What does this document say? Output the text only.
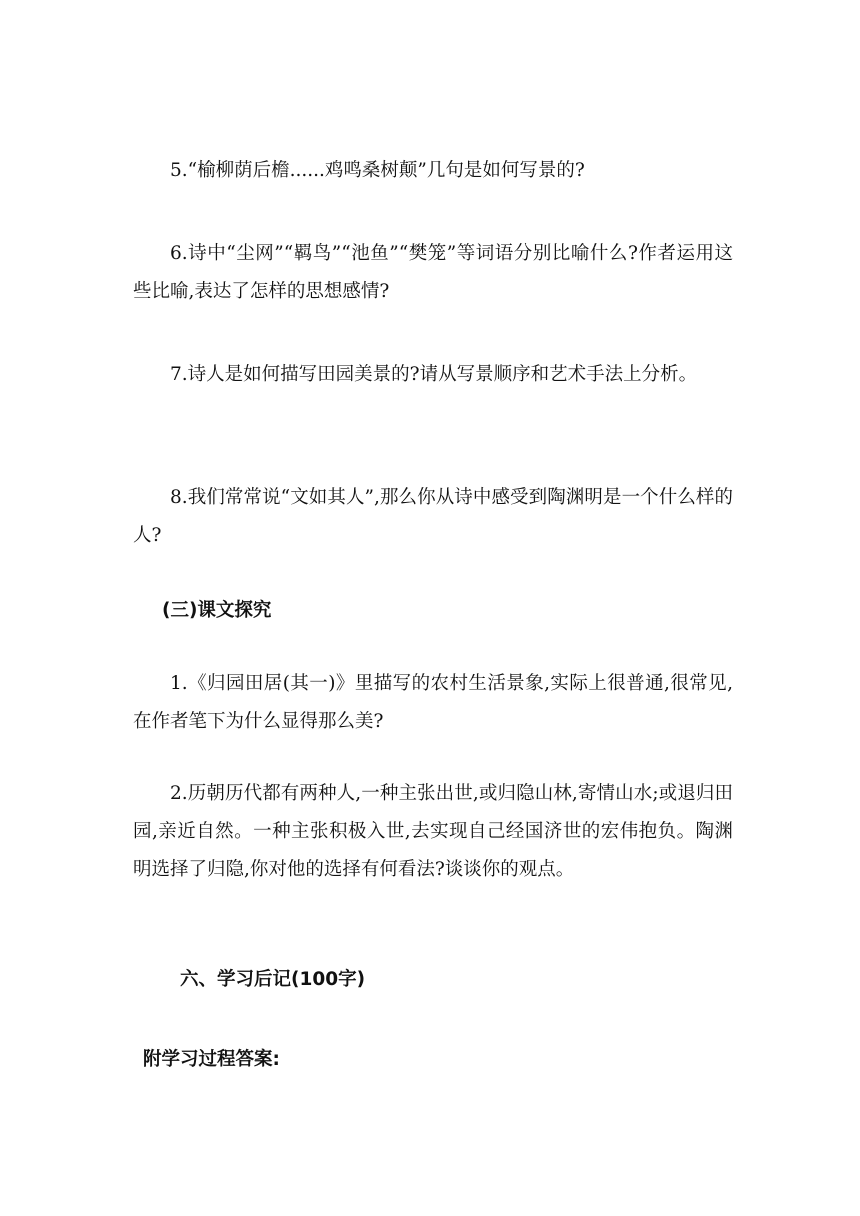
5.“榆柳荫后檐......鸡鸣桑树颠”几句是如何写景的?

6.诗中“尘网”“羁鸟”“池鱼”“樊笼”等词语分别比喻什么?作者运用这些比喻,表达了怎样的思想感情?

7.诗人是如何描写田园美景的?请从写景顺序和艺术手法上分析。

8.我们常常说“文如其人”,那么你从诗中感受到陶渊明是一个什么样的人?

(三)课文探究

1.《归园田居(其一)》里描写的农村生活景象,实际上很普通,很常见,在作者笔下为什么显得那么美?

2.历朝历代都有两种人,一种主张出世,或归隐山林,寄情山水;或退归田园,亲近自然。一种主张积极入世,去实现自己经国济世的宏伟抱负。陶渊明选择了归隐,你对他的选择有何看法?谈谈你的观点。

六、学习后记(100字)
附学习过程答案:
